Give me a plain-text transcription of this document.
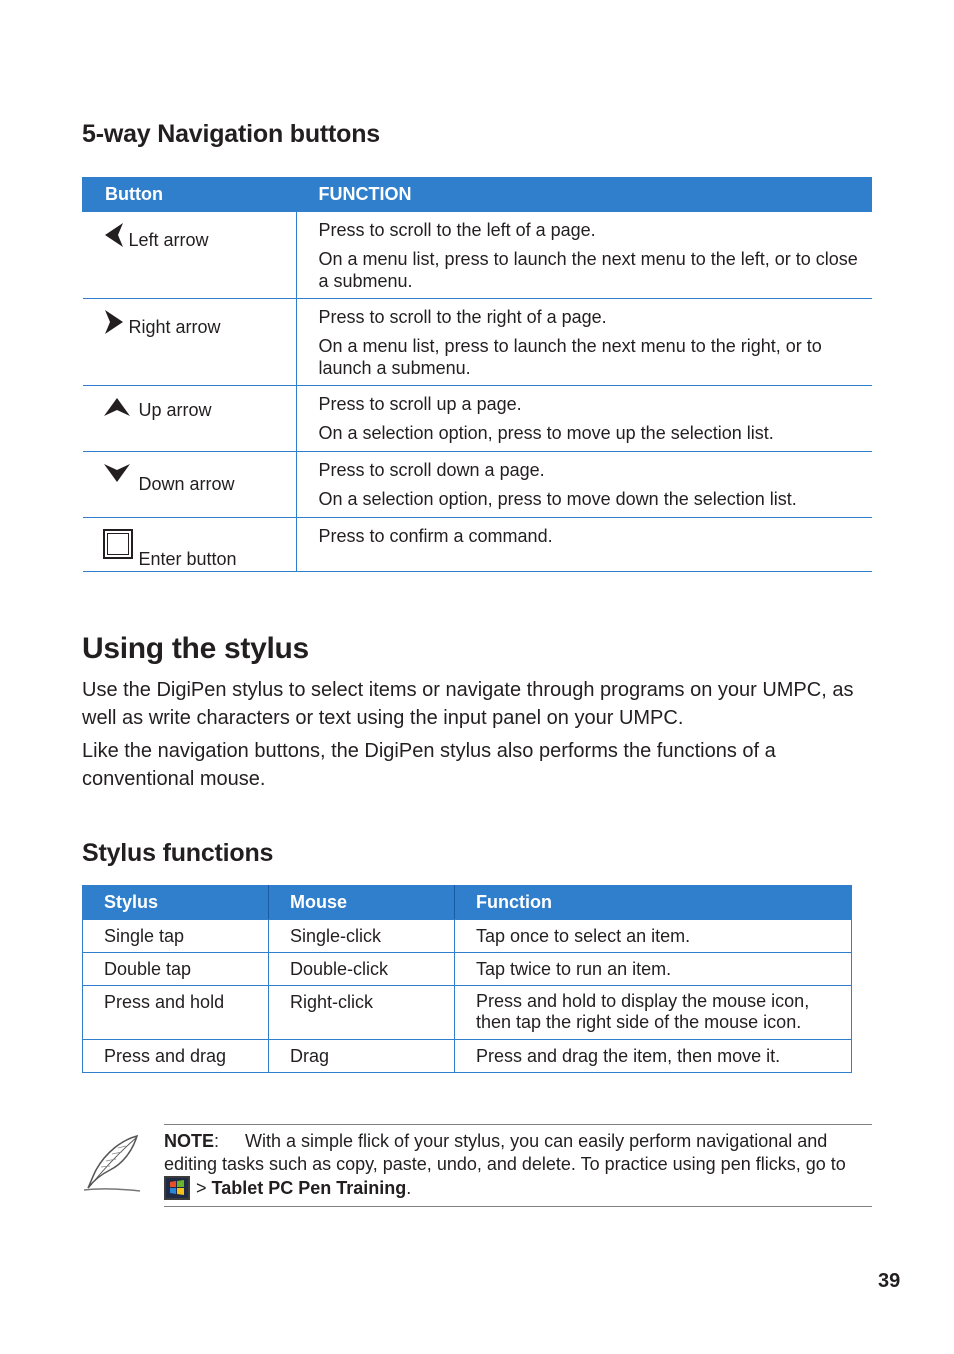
5-way Navigation buttons
Button	FUNCTION
Left arrow	Press to scroll to the left of a page.

On a menu list, press to launch the next menu to the left, or to close a submenu.

Right arrow	Press to scroll to the right of a page.

On a menu list, press to launch the next menu to the right, or to launch a submenu.

Up arrow	Press to scroll up a page.

On a selection option, press to move up the selection list.

Down arrow	Press to scroll down a page.

On a selection option, press to move down the selection list.

Enter button	Press to confirm a command.

Using the stylus

Use the DigiPen stylus to select items or navigate through programs on your UMPC, as well as write characters or text using the input panel on your UMPC.

Like the navigation buttons, the DigiPen stylus also performs the functions of a conventional mouse.

Stylus functions
Stylus	Mouse	Function
Single tap	Single-click	Tap once to select an item.
Double tap	Double-click	Tap twice to run an item.
Press and hold	Right-click	Press and hold to display the mouse icon, then tap the right side of the mouse icon.
Press and drag	Drag	Press and drag the item, then move it.

NOTE: With a simple flick of your stylus, you can easily perform navigational and editing tasks such as copy, paste, undo, and delete. To practice using pen flicks, go to
> Tablet PC Pen Training.

39
